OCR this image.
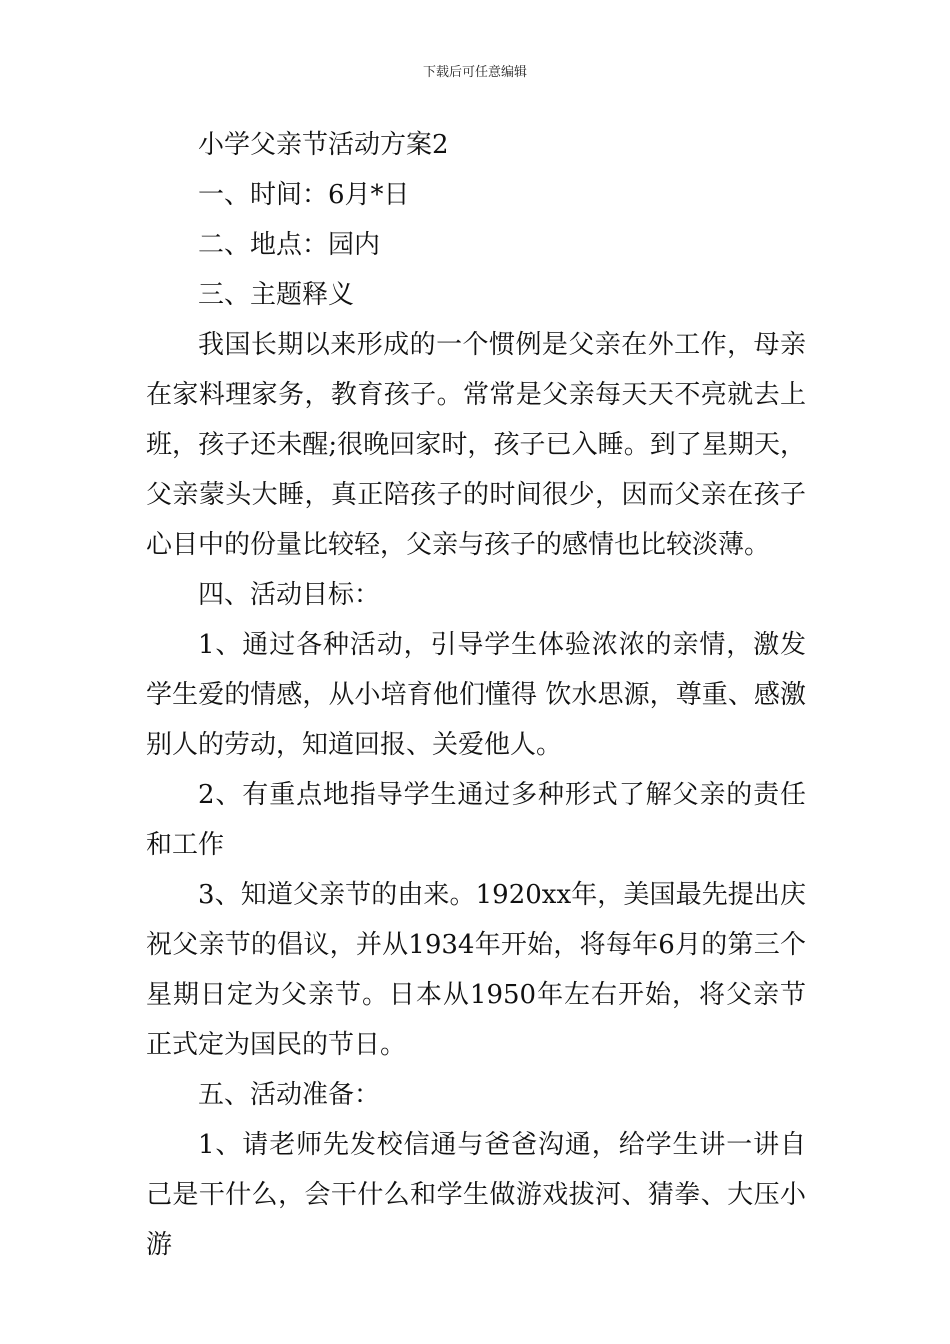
下载后可任意编辑

小学父亲节活动方案2

一、时间：6月*日

二、地点：园内

三、主题释义

我国长期以来形成的一个惯例是父亲在外工作，母亲在家料理家务，教育孩子。常常是父亲每天天不亮就去上班，孩子还未醒;很晚回家时，孩子已入睡。到了星期天，父亲蒙头大睡，真正陪孩子的时间很少，因而父亲在孩子心目中的份量比较轻，父亲与孩子的感情也比较淡薄。

四、活动目标：

1、通过各种活动，引导学生体验浓浓的亲情，激发学生爱的情感，从小培育他们懂得 饮水思源，尊重、感激别人的劳动，知道回报、关爱他人。

2、有重点地指导学生通过多种形式了解父亲的责任和工作

3、知道父亲节的由来。1920xx年，美国最先提出庆祝父亲节的倡议，并从1934年开始，将每年6月的第三个星期日定为父亲节。日本从1950年左右开始，将父亲节正式定为国民的节日。

五、活动准备：

1、请老师先发校信通与爸爸沟通，给学生讲一讲自己是干什么，会干什么和学生做游戏拔河、猜拳、大压小游
